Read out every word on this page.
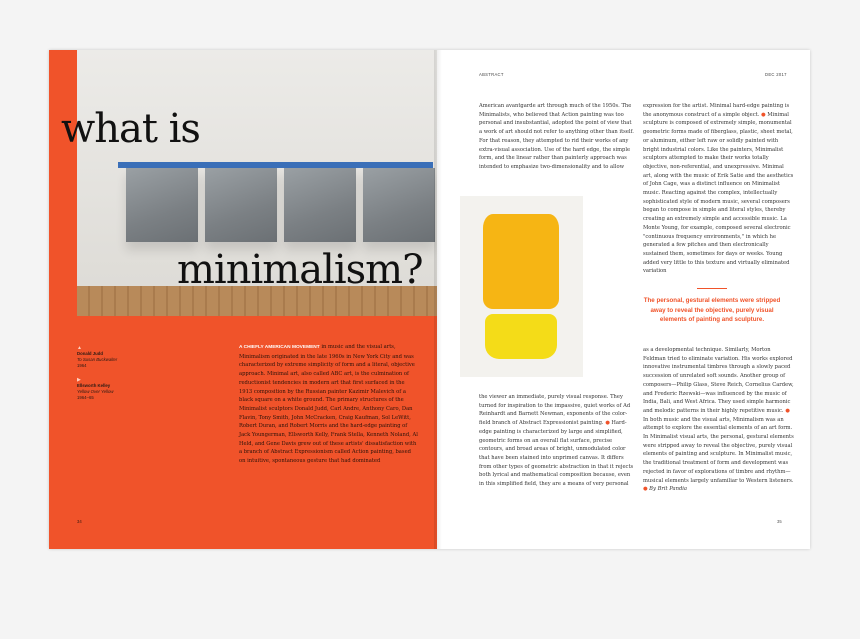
what is
minimalism?
▲
Donald Judd
To Susan Buckwalter
1964
▶
Ellsworth Kelley
Yellow Over Yellow
1964–65
A CHIEFLY AMERICAN MOVEMENT in music and the visual arts, Minimalism originated in the late 1960s in New York City and was characterized by extreme simplicity of form and a literal, objective approach. Minimal art, also called ABC art, is the culmination of reductionist tendencies in modern art that first surfaced in the 1913 composition by the Russian painter Kazimir Malevich of a black square on a white ground. The primary structures of the Minimalist sculptors Donald Judd, Carl Andre, Anthony Caro, Dan Flavin, Tony Smith, John McCracken, Craig Kaufman, Sol LeWitt, Robert Duran, and Robert Morris and the hard-edge painting of Jack Youngerman, Ellsworth Kelly, Frank Stella, Kenneth Noland, Al Held, and Gene Davis grew out of these artists' dissatisfaction with a branch of Abstract Expressionism called Action painting, based on intuitive, spontaneous gesture that had dominated
34
ABSTRACT	DEC 2017
American avantgarde art through much of the 1950s. The Minimalists, who believed that Action painting was too personal and insubstantial, adopted the point of view that a work of art should not refer to anything other than itself. For that reason, they attempted to rid their works of any extra-visual association. Use of the hard edge, the simple form, and the linear rather than painterly approach was intended to emphasize two-dimensionality and to allow
the viewer an immediate, purely visual response. They turned for inspiration to the impassive, quiet works of Ad Reinhardt and Barnett Newman, exponents of the color-field branch of Abstract Expressionist painting. ● Hard-edge painting is characterized by large and simplified, geometric forms on an overall flat surface, precise contours, and broad areas of bright, unmodulated color that have been stained into unprimed canvas. It differs from other types of geometric abstraction in that it rejects both lyrical and mathematical composition because, even in this simplified field, they are a means of very personal
expression for the artist. Minimal hard-edge painting is the anonymous construct of a simple object. ● Minimal sculpture is composed of extremely simple, monumental geometric forms made of fiberglass, plastic, sheet metal, or aluminum, either left raw or solidly painted with bright industrial colors. Like the painters, Minimalist sculptors attempted to make their works totally objective, non-referential, and unexpressive. Minimal art, along with the music of Erik Satie and the aesthetics of John Cage, was a distinct influence on Minimalist music. Reacting against the complex, intellectually sophisticated style of modern music, several composers began to compose in simple and literal styles, thereby creating an extremely simple and accessible music. La Monte Young, for example, composed several electronic "continuous frequency environments," in which he generated a few pitches and then electronically sustained them, sometimes for days or weeks. Young added very little to this texture and virtually eliminated variation
The personal, gestural elements were stripped away to reveal the objective, purely visual elements of painting and sculpture.
as a developmental technique. Similarly, Morton Feldman tried to eliminate variation. His works explored innovative instrumental timbres through a slowly paced succession of unrelated soft sounds. Another group of composers—Philip Glass, Steve Reich, Cornelius Cardew, and Frederic Rzewski—was influenced by the music of India, Bali, and West Africa. They used simple harmonic and melodic patterns in their highly repetitive music. ● In both music and the visual arts, Minimalism was an attempt to explore the essential elements of an art form. In Minimalist visual arts, the personal, gestural elements were stripped away to reveal the objective, purely visual elements of painting and sculpture. In Minimalist music, the traditional treatment of form and development was rejected in favor of explorations of timbre and rhythm—musical elements largely unfamiliar to Western listeners. ● By Brit Pandia
35
